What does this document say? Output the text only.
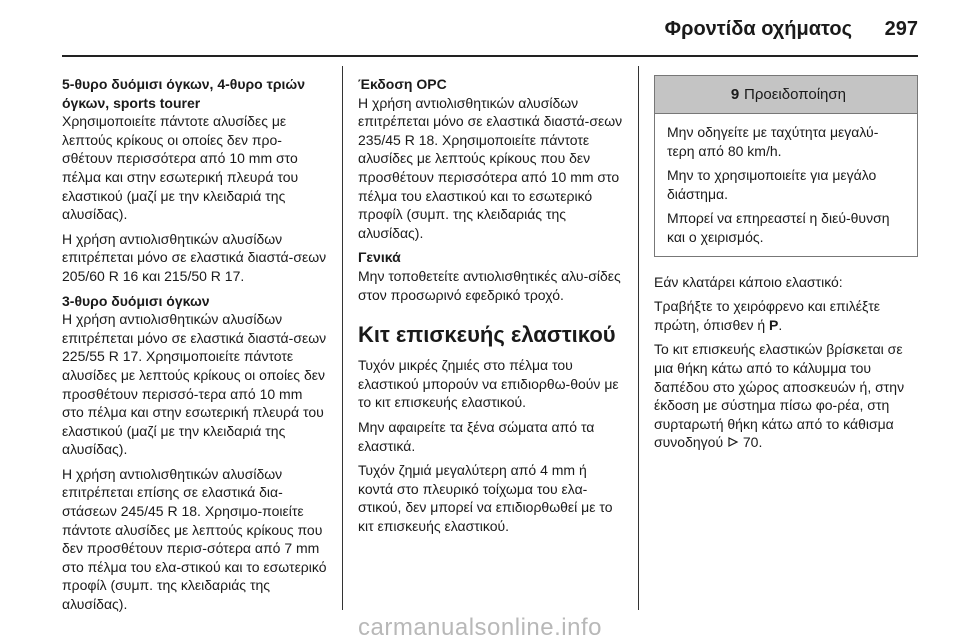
Φροντίδα οχήματος 297
5-θυρο δυόμισι όγκων, 4-θυρο τριών όγκων, sports tourer
Χρησιμοποιείτε πάντοτε αλυσίδες με λεπτούς κρίκους οι οποίες δεν προ-σθέτουν περισσότερα από 10 mm στο πέλμα και στην εσωτερική πλευρά του ελαστικού (μαζί με την κλειδαριά της αλυσίδας).
Η χρήση αντιολισθητικών αλυσίδων επιτρέπεται μόνο σε ελαστικά διαστά-σεων 205/60 R 16 και 215/50 R 17.
3-θυρο δυόμισι όγκων
Η χρήση αντιολισθητικών αλυσίδων επιτρέπεται μόνο σε ελαστικά διαστά-σεων 225/55 R 17. Χρησιμοποιείτε πάντοτε αλυσίδες με λεπτούς κρίκους οι οποίες δεν προσθέτουν περισσό-τερα από 10 mm στο πέλμα και στην εσωτερική πλευρά του ελαστικού (μαζί με την κλειδαριά της αλυσίδας).
Η χρήση αντιολισθητικών αλυσίδων επιτρέπεται επίσης σε ελαστικά δια-στάσεων 245/45 R 18. Χρησιμο-ποιείτε πάντοτε αλυσίδες με λεπτούς κρίκους που δεν προσθέτουν περισ-σότερα από 7 mm στο πέλμα του ελα-στικού και το εσωτερικό προφίλ (συμπ. της κλειδαριάς της αλυσίδας).
Έκδοση OPC
Η χρήση αντιολισθητικών αλυσίδων επιτρέπεται μόνο σε ελαστικά διαστά-σεων 235/45 R 18. Χρησιμοποιείτε πάντοτε αλυσίδες με λεπτούς κρίκους που δεν προσθέτουν περισσότερα από 10 mm στο πέλμα του ελαστικού και το εσωτερικό προφίλ (συμπ. της κλειδαριάς της αλυσίδας).
Γενικά
Μην τοποθετείτε αντιολισθητικές αλυ-σίδες στον προσωρινό εφεδρικό τροχό.
Κιτ επισκευής ελαστικού
Τυχόν μικρές ζημιές στο πέλμα του ελαστικού μπορούν να επιδιορθω-θούν με το κιτ επισκευής ελαστικού.
Μην αφαιρείτε τα ξένα σώματα από τα ελαστικά.
Τυχόν ζημιά μεγαλύτερη από 4 mm ή κοντά στο πλευρικό τοίχωμα του ελα-στικού, δεν μπορεί να επιδιορθωθεί με το κιτ επισκευής ελαστικού.
9 Προειδοποίηση
Μην οδηγείτε με ταχύτητα μεγαλύ-τερη από 80 km/h.
Μην το χρησιμοποιείτε για μεγάλο διάστημα.
Μπορεί να επηρεαστεί η διεύ-θυνση και ο χειρισμός.
Εάν κλατάρει κάποιο ελαστικό:
Τραβήξτε το χειρόφρενο και επιλέξτε πρώτη, όπισθεν ή P.
Το κιτ επισκευής ελαστικών βρίσκεται σε μια θήκη κάτω από το κάλυμμα του δαπέδου στο χώρος αποσκευών ή, στην έκδοση με σύστημα πίσω φο-ρέα, στη συρταρωτή θήκη κάτω από το κάθισμα συνοδηγού 70.
carmanualsonline.info
